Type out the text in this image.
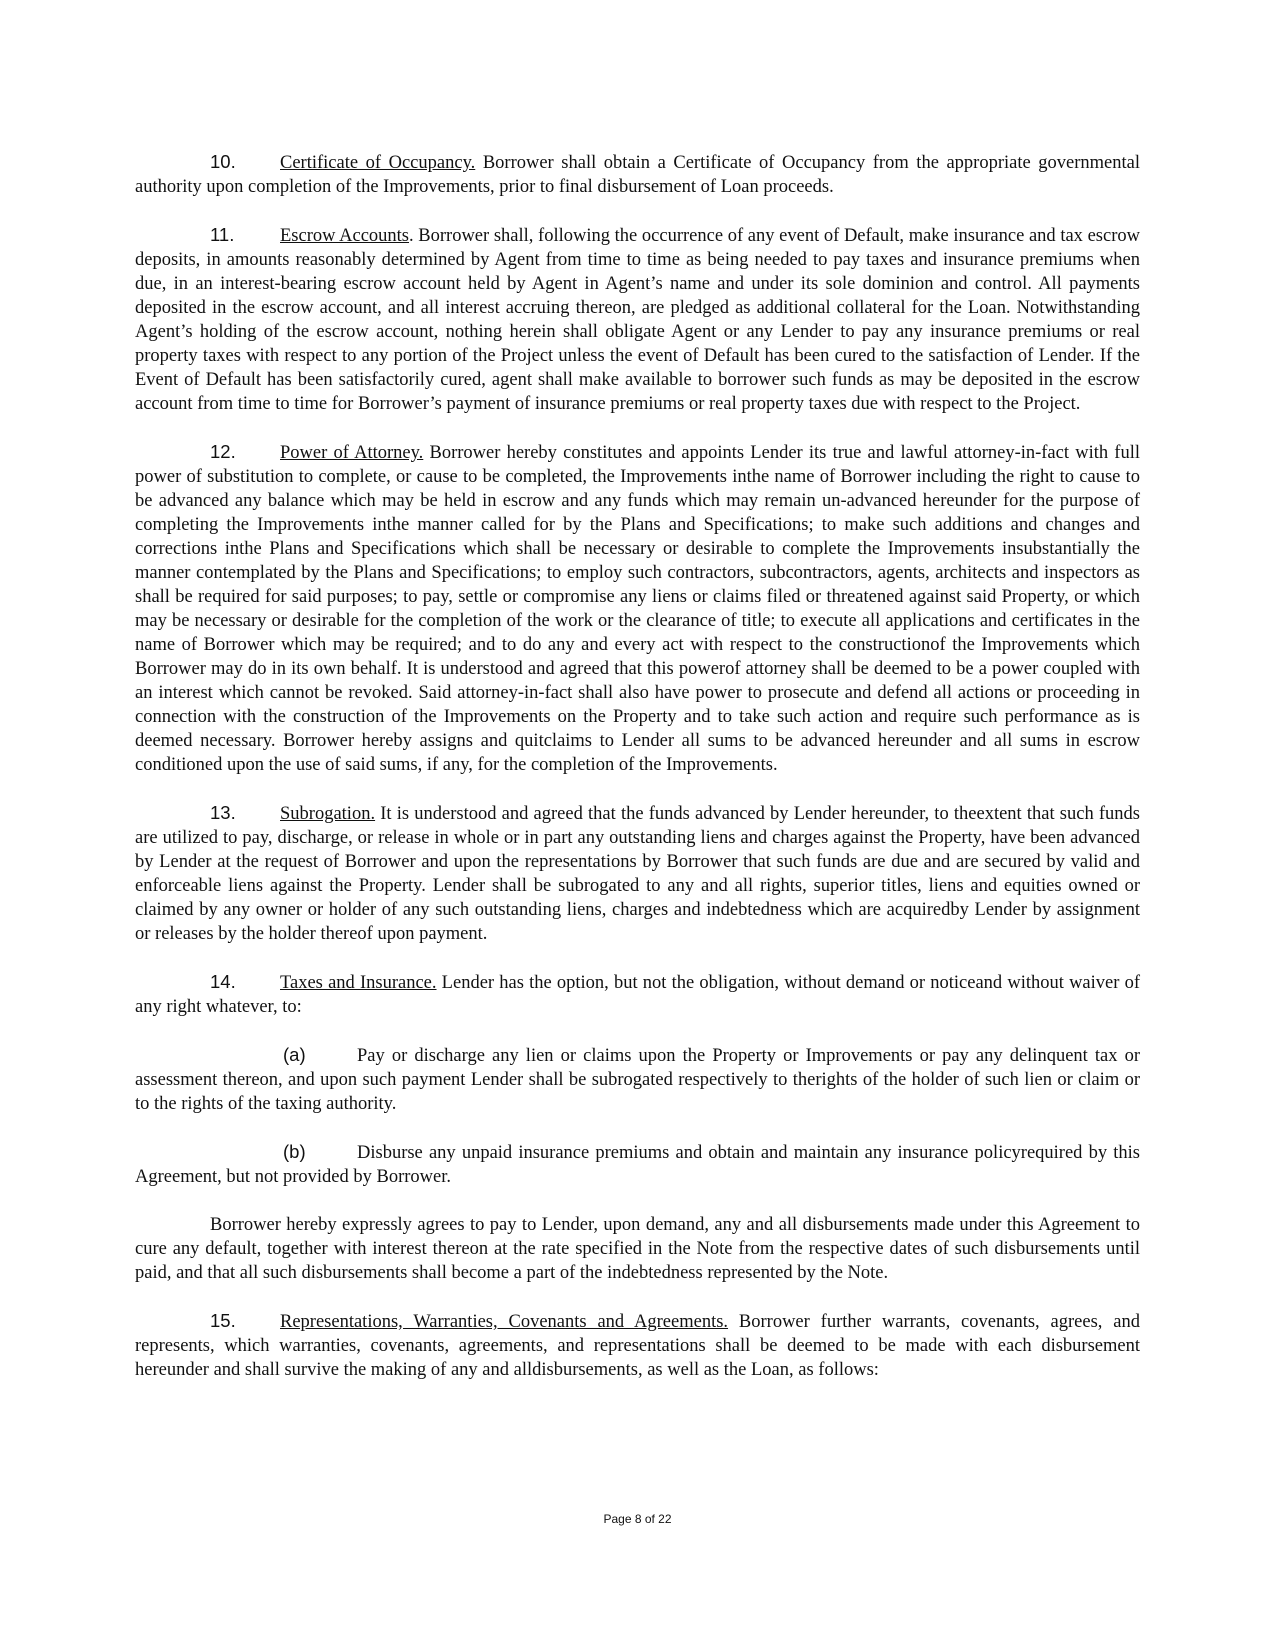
10. Certificate of Occupancy. Borrower shall obtain a Certificate of Occupancy from the appropriate governmental authority upon completion of the Improvements, prior to final disbursement of Loan proceeds.

11. Escrow Accounts. Borrower shall, following the occurrence of any event of Default, make insurance and tax escrow deposits, in amounts reasonably determined by Agent from time to time as being needed to pay taxes and insurance premiums when due, in an interest-bearing escrow account held by Agent in Agent’s name and under its sole dominion and control. All payments deposited in the escrow account, and all interest accruing thereon, are pledged as additional collateral for the Loan. Notwithstanding Agent’s holding of the escrow account, nothing herein shall obligate Agent or any Lender to pay any insurance premiums or real property taxes with respect to any portion of the Project unless the event of Default has been cured to the satisfaction of Lender. If the Event of Default has been satisfactorily cured, agent shall make available to borrower such funds as may be deposited in the escrow account from time to time for Borrower’s payment of insurance premiums or real property taxes due with respect to the Project.

12. Power of Attorney. Borrower hereby constitutes and appoints Lender its true and lawful attorney-in-fact with full power of substitution to complete, or cause to be completed, the Improvements inthe name of Borrower including the right to cause to be advanced any balance which may be held in escrow and any funds which may remain un-advanced hereunder for the purpose of completing the Improvements inthe manner called for by the Plans and Specifications; to make such additions and changes and corrections inthe Plans and Specifications which shall be necessary or desirable to complete the Improvements insubstantially the manner contemplated by the Plans and Specifications; to employ such contractors, subcontractors, agents, architects and inspectors as shall be required for said purposes; to pay, settle or compromise any liens or claims filed or threatened against said Property, or which may be necessary or desirable for the completion of the work or the clearance of title; to execute all applications and certificates in the name of Borrower which may be required; and to do any and every act with respect to the constructionof the Improvements which Borrower may do in its own behalf. It is understood and agreed that this powerof attorney shall be deemed to be a power coupled with an interest which cannot be revoked. Said attorney-in-fact shall also have power to prosecute and defend all actions or proceeding in connection with the construction of the Improvements on the Property and to take such action and require such performance as is deemed necessary. Borrower hereby assigns and quitclaims to Lender all sums to be advanced hereunder and all sums in escrow conditioned upon the use of said sums, if any, for the completion of the Improvements.

13. Subrogation. It is understood and agreed that the funds advanced by Lender hereunder, to theextent that such funds are utilized to pay, discharge, or release in whole or in part any outstanding liens and charges against the Property, have been advanced by Lender at the request of Borrower and upon the representations by Borrower that such funds are due and are secured by valid and enforceable liens against the Property. Lender shall be subrogated to any and all rights, superior titles, liens and equities owned or claimed by any owner or holder of any such outstanding liens, charges and indebtedness which are acquiredby Lender by assignment or releases by the holder thereof upon payment.

14. Taxes and Insurance. Lender has the option, but not the obligation, without demand or noticeand without waiver of any right whatever, to:

(a)	Pay or discharge any lien or claims upon the Property or Improvements or pay any delinquent tax or assessment thereon, and upon such payment Lender shall be subrogated respectively to therights of the holder of such lien or claim or to the rights of the taxing authority.

(b)	Disburse any unpaid insurance premiums and obtain and maintain any insurance policyrequired by this Agreement, but not provided by Borrower.

Borrower hereby expressly agrees to pay to Lender, upon demand, any and all disbursements made under this Agreement to cure any default, together with interest thereon at the rate specified in the Note from the respective dates of such disbursements until paid, and that all such disbursements shall become a part of the indebtedness represented by the Note.

15. Representations, Warranties, Covenants and Agreements. Borrower further warrants, covenants, agrees, and represents, which warranties, covenants, agreements, and representations shall be deemed to be made with each disbursement hereunder and shall survive the making of any and alldisbursements, as well as the Loan, as follows:

Page 8 of 22
